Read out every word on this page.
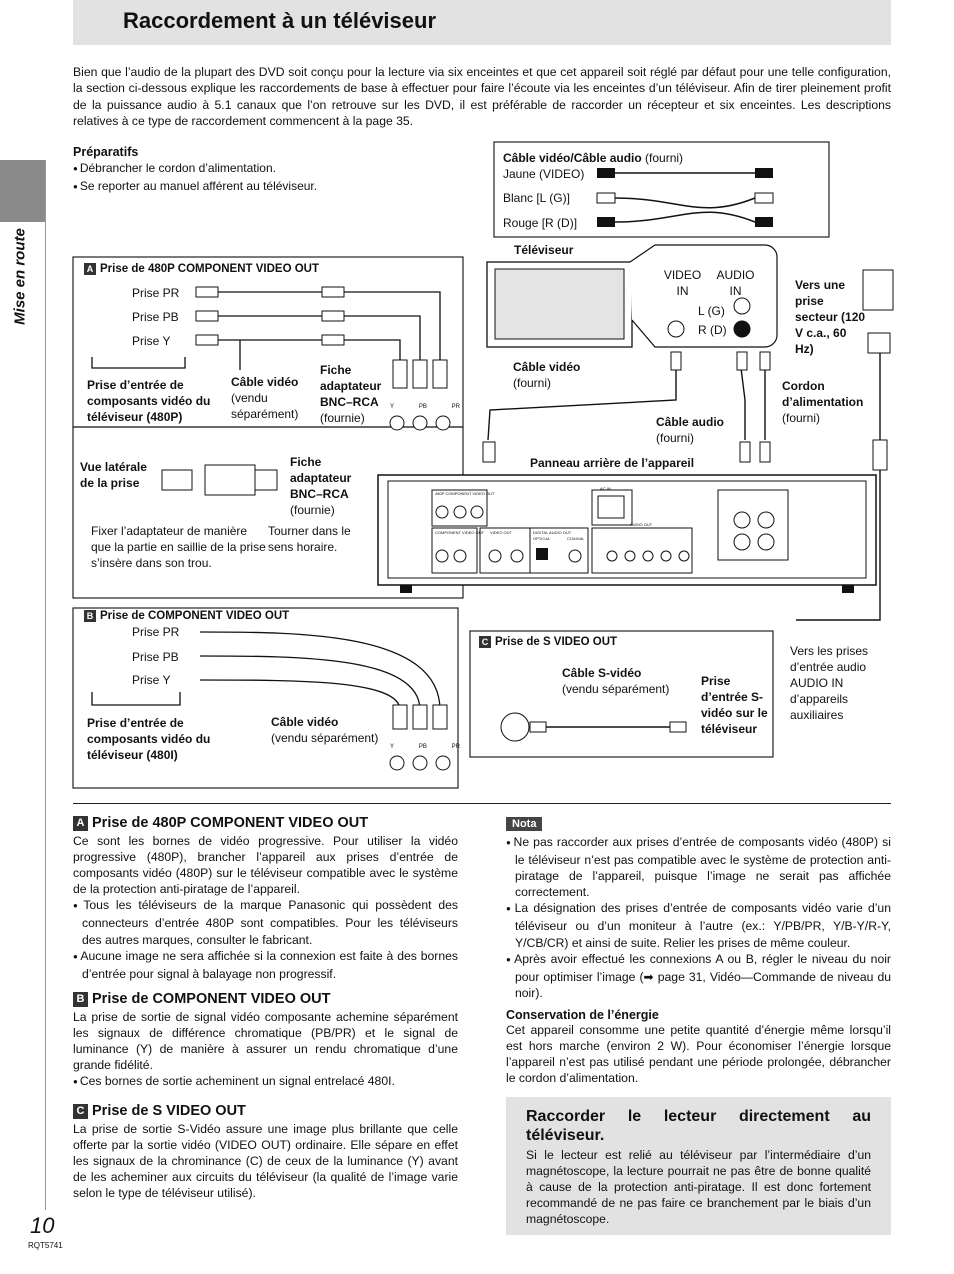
Raccordement à un téléviseur
Mise en route
Bien que l’audio de la plupart des DVD soit conçu pour la lecture via six enceintes et que cet appareil soit réglé par défaut pour une telle configuration, la section ci-dessous explique les raccordements de base à effectuer pour faire l’écoute via les enceintes d’un téléviseur. Afin de tirer pleinement profit de la puissance audio à 5.1 canaux que l’on retrouve sur les DVD, il est préférable de raccorder un récepteur et six enceintes. Les descriptions relatives à ce type de raccordement commencent à la page 35.
Préparatifs
● Débrancher le cordon d’alimentation.
● Se reporter au manuel afférent au téléviseur.
Câble vidéo/Câble audio (fourni)
Jaune (VIDEO)
Blanc [L (G)]
Rouge [R (D)]
A Prise de 480P COMPONENT VIDEO OUT
Prise PR
Prise PB
Prise Y
Prise d’entrée de composants vidéo du téléviseur (480P)
Câble vidéo
(vendu séparément)
Fiche adaptateur BNC–RCA
(fournie)
Y	PB	PR
Vue latérale de la prise
Fiche adaptateur BNC–RCA
(fournie)
Fixer l’adaptateur de manière que la partie en saillie de la prise s’insère dans son trou.
Tourner dans le sens horaire.
B Prise de COMPONENT VIDEO OUT
Prise PR
Prise PB
Prise Y
Prise d’entrée de composants vidéo du téléviseur (480I)
Câble vidéo
(vendu séparément)
Y	PB	PR
C Prise de S VIDEO OUT
Câble S-vidéo
(vendu séparément)
Prise d’entrée S-vidéo sur le téléviseur
Téléviseur
VIDEO IN
AUDIO IN
L (G)
R (D)
Câble vidéo
(fourni)
Câble audio
(fourni)
Panneau arrière de l’appareil
Vers une prise secteur (120 V c.a., 60 Hz)
Cordon d’alimentation
(fourni)
Vers les prises d’entrée audio AUDIO IN d’appareils auxiliaires
480P COMPONENT VIDEO OUT
COMPONENT VIDEO OUT VIDEO OUT	DIGITAL AUDIO OUT
OPTICAL	COAXIAL
AUDIO OUT
AC IN
A Prise de 480P COMPONENT VIDEO OUT
Ce sont les bornes de vidéo progressive. Pour utiliser la vidéo progressive (480P), brancher l’appareil aux prises d’entrée de composants vidéo (480P) sur le téléviseur compatible avec le système de la protection anti-piratage de l’appareil.
● Tous les téléviseurs de la marque Panasonic qui possèdent des connecteurs d’entrée 480P sont compatibles. Pour les téléviseurs des autres marques, consulter le fabricant.
● Aucune image ne sera affichée si la connexion est faite à des bornes d’entrée pour signal à balayage non progressif.
B Prise de COMPONENT VIDEO OUT
La prise de sortie de signal vidéo composante achemine séparément les signaux de différence chromatique (PB/PR) et le signal de luminance (Y) de manière à assurer un rendu chromatique d’une grande fidélité.
● Ces bornes de sortie acheminent un signal entrelacé 480I.
C Prise de S VIDEO OUT
La prise de sortie S-Vidéo assure une image plus brillante que celle offerte par la sortie vidéo (VIDEO OUT) ordinaire. Elle sépare en effet les signaux de la chrominance (C) de ceux de la luminance (Y) avant de les acheminer aux circuits du téléviseur (la qualité de l’image varie selon le type de téléviseur utilisé).
Nota
● Ne pas raccorder aux prises d’entrée de composants vidéo (480P) si le téléviseur n’est pas compatible avec le système de protection anti-piratage de l’appareil, puisque l’image ne serait pas affichée correctement.
● La désignation des prises d’entrée de composants vidéo varie d’un téléviseur ou d’un moniteur à l’autre (ex.: Y/PB/PR, Y/B-Y/R-Y, Y/CB/CR) et ainsi de suite. Relier les prises de même couleur.
● Après avoir effectué les connexions A ou B, régler le niveau du noir pour optimiser l’image (➡ page 31, Vidéo—Commande de niveau du noir).
Conservation de l’énergie
Cet appareil consomme une petite quantité d’énergie même lorsqu’il est hors marche (environ 2 W). Pour économiser l’énergie lorsque l’appareil n’est pas utilisé pendant une période prolongée, débrancher le cordon d’alimentation.
Raccorder le lecteur directement au téléviseur.
Si le lecteur est relié au téléviseur par l’intermédiaire d’un magnétoscope, la lecture pourrait ne pas être de bonne qualité à cause de la protection anti-piratage. Il est donc fortement recommandé de ne pas faire ce branchement par le biais d’un magnétoscope.
10
RQT5741
